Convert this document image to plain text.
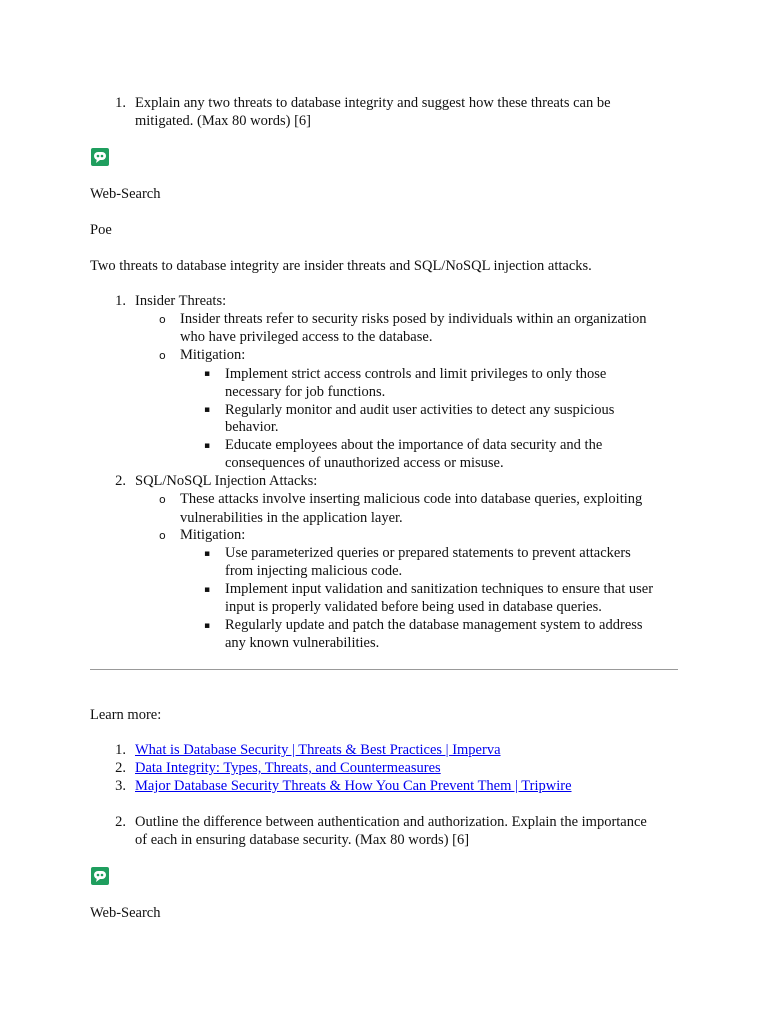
1. Explain any two threats to database integrity and suggest how these threats can be
mitigated. (Max 80 words) [6]
Web-Search
Poe
Two threats to database integrity are insider threats and SQL/NoSQL injection attacks.
1. Insider Threats:
o Insider threats refer to security risks posed by individuals within an organization
who have privileged access to the database.
o Mitigation:
▪ Implement strict access controls and limit privileges to only those
necessary for job functions.
▪ Regularly monitor and audit user activities to detect any suspicious
behavior.
▪ Educate employees about the importance of data security and the
consequences of unauthorized access or misuse.
2. SQL/NoSQL Injection Attacks:
o These attacks involve inserting malicious code into database queries, exploiting
vulnerabilities in the application layer.
o Mitigation:
▪ Use parameterized queries or prepared statements to prevent attackers
from injecting malicious code.
▪ Implement input validation and sanitization techniques to ensure that user
input is properly validated before being used in database queries.
▪ Regularly update and patch the database management system to address
any known vulnerabilities.
Learn more:
1. What is Database Security | Threats & Best Practices | Imperva
2. Data Integrity: Types, Threats, and Countermeasures
3. Major Database Security Threats & How You Can Prevent Them | Tripwire
2. Outline the difference between authentication and authorization. Explain the importance
of each in ensuring database security. (Max 80 words) [6]
Web-Search
